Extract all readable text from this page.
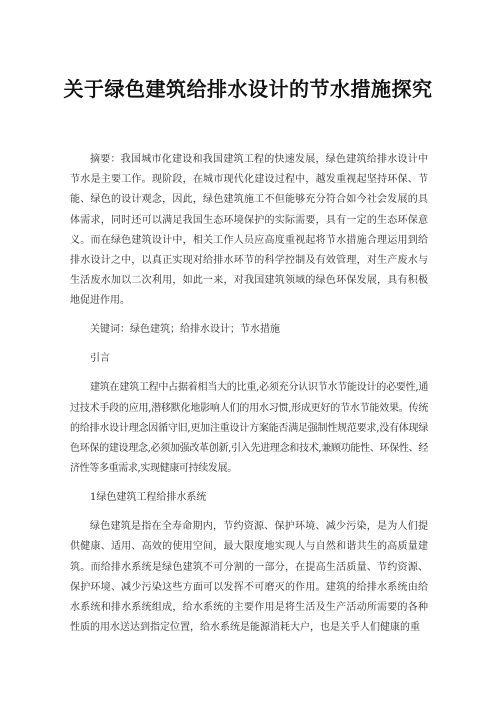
关于绿色建筑给排水设计的节水措施探究

摘要：我国城市化建设和我国建筑工程的快速发展，绿色建筑给排水设计中节水是主要工作。现阶段，在城市现代化建设过程中，越发重视起坚持环保、节能、绿色的设计观念，因此，绿色建筑施工不但能够充分符合如今社会发展的具体需求，同时还可以满足我国生态环境保护的实际需要，具有一定的生态环保意义。而在绿色建筑设计中，相关工作人员应高度重视起将节水措施合理运用到给排水设计之中，以真正实现对给排水环节的科学控制及有效管理，对生产废水与生活废水加以二次利用，如此一来，对我国建筑领域的绿色环保发展，具有积极地促进作用。

关键词：绿色建筑；给排水设计；节水措施

引言

建筑在建筑工程中占据着相当大的比重,必须充分认识节水节能设计的必要性,通过技术手段的应用,潜移默化地影响人们的用水习惯,形成更好的节水节能效果。传统的给排水设计理念因循守旧,更加注重设计方案能否满足强制性规范要求,没有体现绿色环保的建设理念,必须加强改革创新,引入先进理念和技术,兼顾功能性、环保性、经济性等多重需求,实现健康可持续发展。

1绿色建筑工程给排水系统

绿色建筑是指在全寿命期内，节约资源、保护环境、减少污染，是为人们提供健康、适用、高效的使用空间，最大限度地实现人与自然和谐共生的高质量建筑。而给排水系统是绿色建筑不可分割的一部分，在提高生活质量、节约资源、保护环境、减少污染这些方面可以发挥不可磨灭的作用。建筑的给排水系统由给水系统和排水系统组成，给水系统的主要作用是将生活及生产活动所需要的各种性质的用水送达到指定位置，给水系统是能源消耗大户，也是关乎人们健康的重
